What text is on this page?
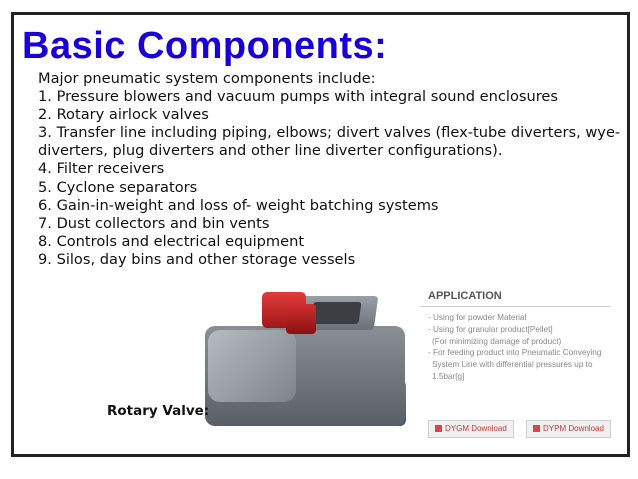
Basic Components:
Major pneumatic system components include:
1. Pressure blowers and vacuum pumps with integral sound enclosures
2. Rotary airlock valves
3. Transfer line including piping, elbows; divert valves (flex-tube diverters, wye-diverters, plug diverters and other line diverter configurations).
4. Filter receivers
5. Cyclone separators
6. Gain-in-weight and loss of- weight batching systems
7. Dust collectors and bin vents
8. Controls and electrical equipment
9. Silos, day bins and other storage vessels
APPLICATION
- Using for powder Material
- Using for granular product[Pellet]
(For minimizing damage of product)
- For feeding product into Pneumatic Conveying
System Line with differential pressures up to
1.5bar[g]
DYGM Download	DYPM Download
Rotary Valve:
